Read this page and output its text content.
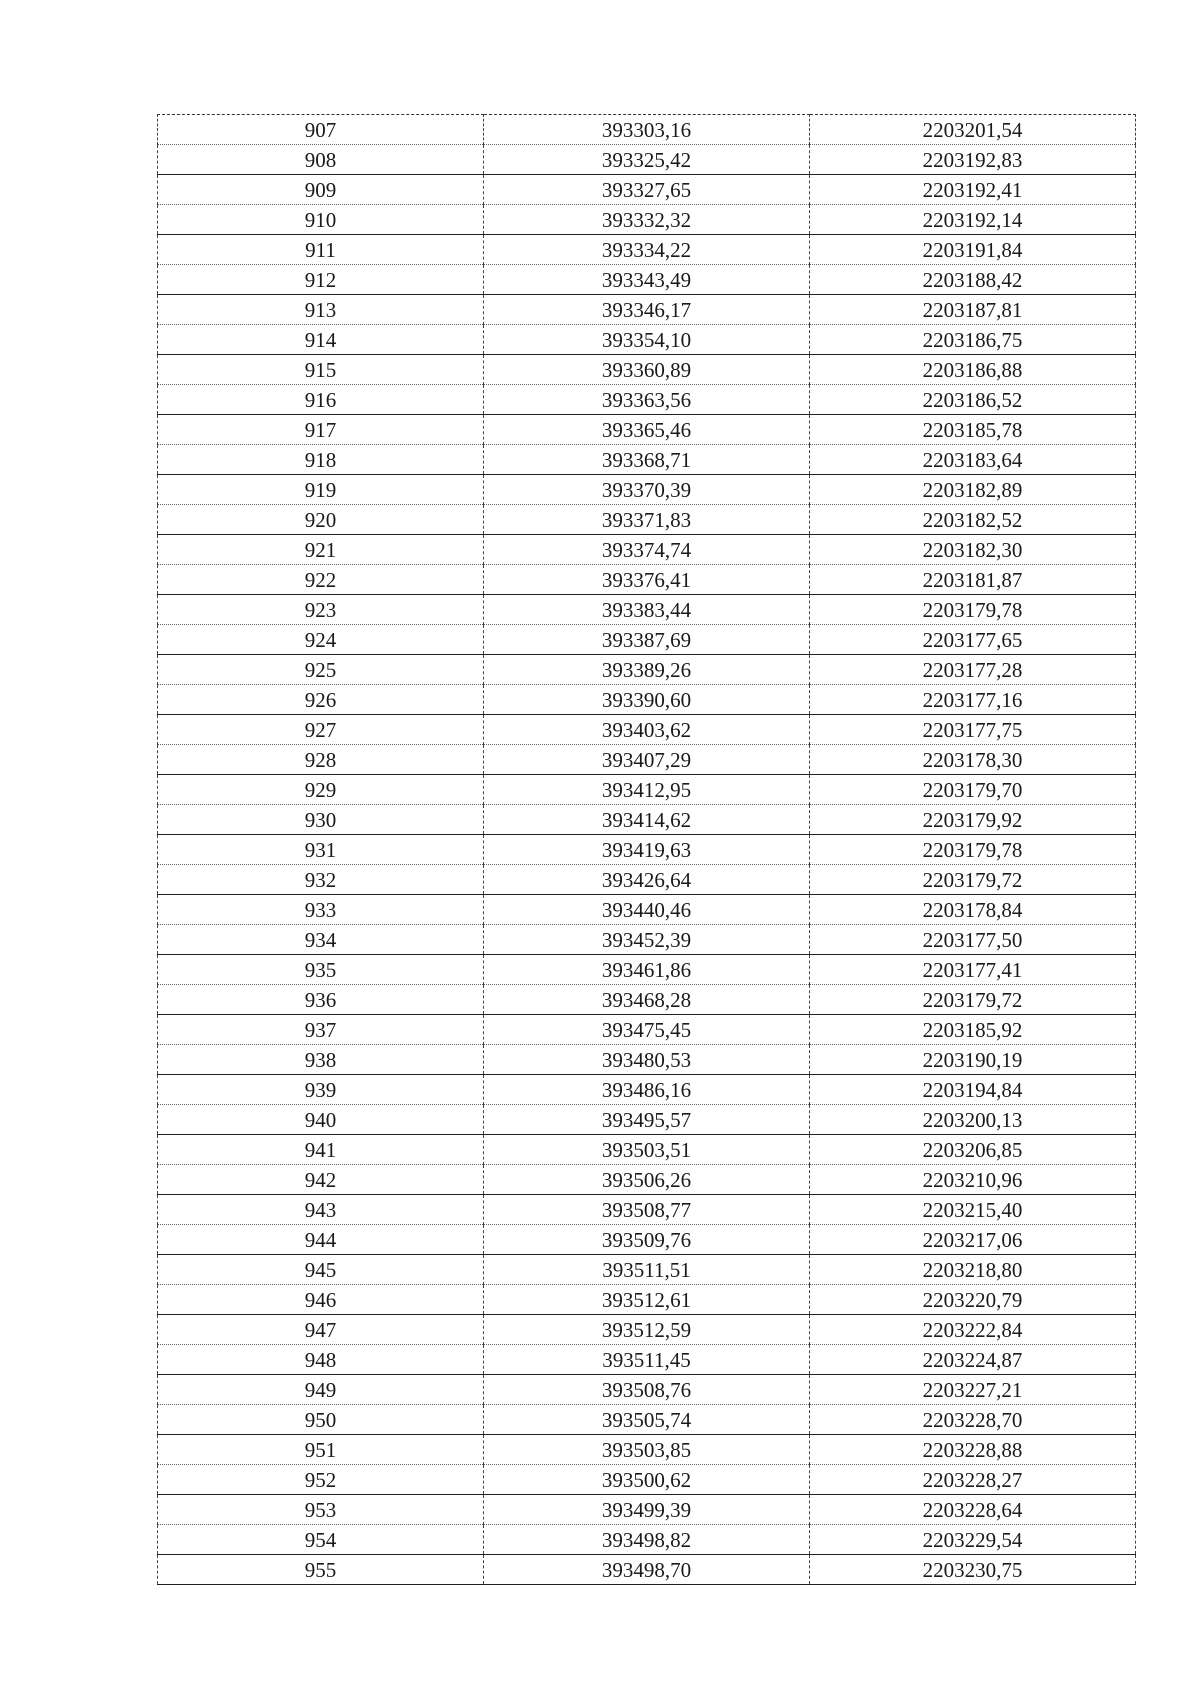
907	393303,16	2203201,54
908	393325,42	2203192,83
909	393327,65	2203192,41
910	393332,32	2203192,14
911	393334,22	2203191,84
912	393343,49	2203188,42
913	393346,17	2203187,81
914	393354,10	2203186,75
915	393360,89	2203186,88
916	393363,56	2203186,52
917	393365,46	2203185,78
918	393368,71	2203183,64
919	393370,39	2203182,89
920	393371,83	2203182,52
921	393374,74	2203182,30
922	393376,41	2203181,87
923	393383,44	2203179,78
924	393387,69	2203177,65
925	393389,26	2203177,28
926	393390,60	2203177,16
927	393403,62	2203177,75
928	393407,29	2203178,30
929	393412,95	2203179,70
930	393414,62	2203179,92
931	393419,63	2203179,78
932	393426,64	2203179,72
933	393440,46	2203178,84
934	393452,39	2203177,50
935	393461,86	2203177,41
936	393468,28	2203179,72
937	393475,45	2203185,92
938	393480,53	2203190,19
939	393486,16	2203194,84
940	393495,57	2203200,13
941	393503,51	2203206,85
942	393506,26	2203210,96
943	393508,77	2203215,40
944	393509,76	2203217,06
945	393511,51	2203218,80
946	393512,61	2203220,79
947	393512,59	2203222,84
948	393511,45	2203224,87
949	393508,76	2203227,21
950	393505,74	2203228,70
951	393503,85	2203228,88
952	393500,62	2203228,27
953	393499,39	2203228,64
954	393498,82	2203229,54
955	393498,70	2203230,75
